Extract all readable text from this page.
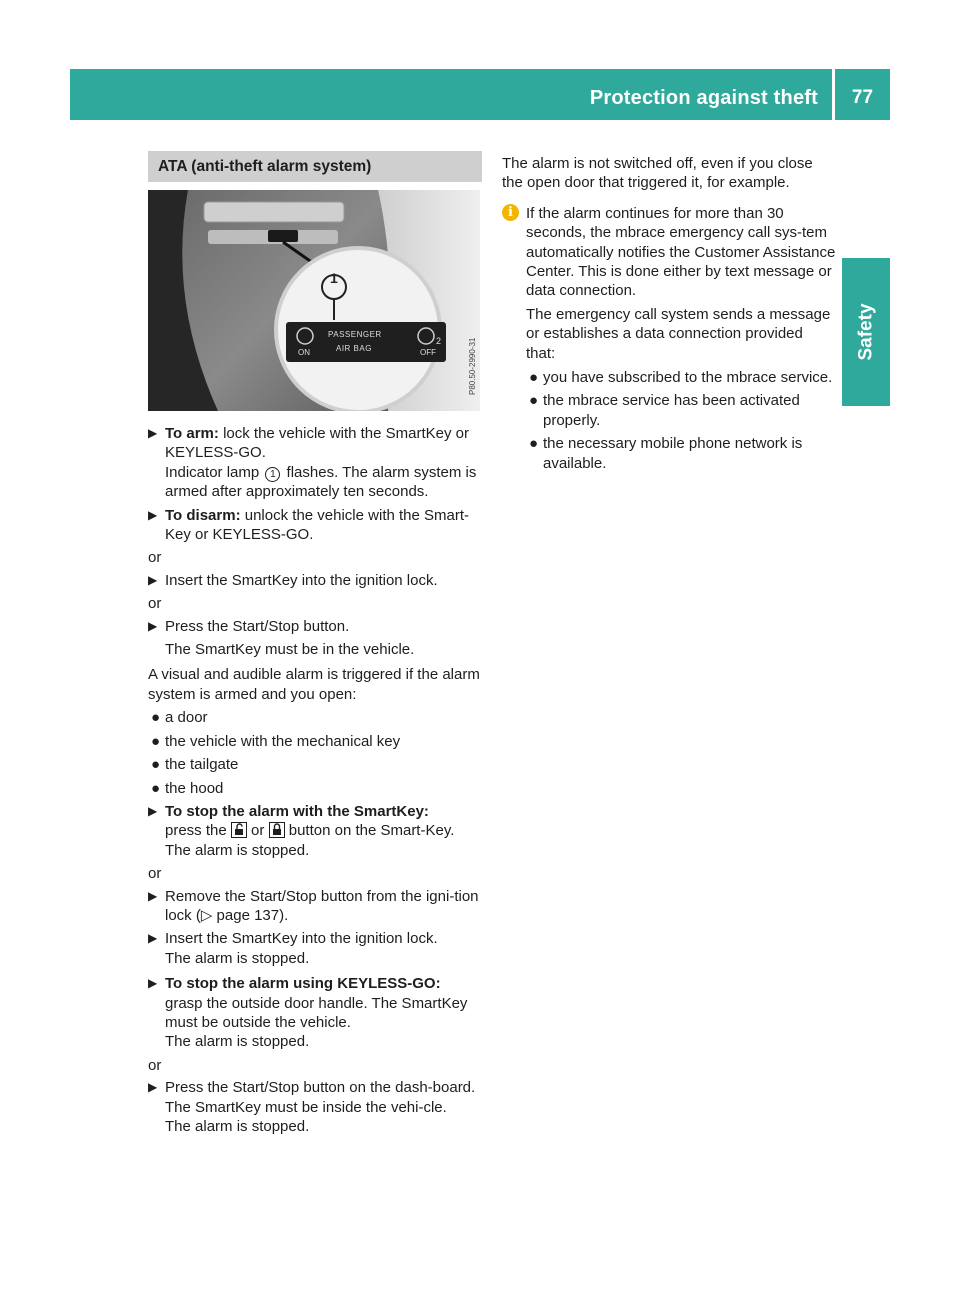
Protection against theft	77
Safety
ATA (anti-theft alarm system)
1
ON
PASSENGER
AIR BAG	OFF
2	P80.50-2990-31
▶ To arm: lock the vehicle with the SmartKey or KEYLESS-GO.
Indicator lamp 1 flashes. The alarm system is armed after approximately ten seconds.
▶ To disarm: unlock the vehicle with the Smart-Key or KEYLESS-GO.
or
▶ Insert the SmartKey into the ignition lock.
or
▶ Press the Start/Stop button.
The SmartKey must be in the vehicle.
A visual and audible alarm is triggered if the alarm system is armed and you open:
● a door
● the vehicle with the mechanical key
● the tailgate
● the hood
▶ To stop the alarm with the SmartKey:
press the  or  button on the Smart-Key.
The alarm is stopped.
or
▶ Remove the Start/Stop button from the igni-tion lock (▷ page 137).
▶ Insert the SmartKey into the ignition lock.
The alarm is stopped.
▶ To stop the alarm using KEYLESS-GO:
grasp the outside door handle. The SmartKey must be outside the vehicle.
The alarm is stopped.
or
▶ Press the Start/Stop button on the dash-board. The SmartKey must be inside the vehi-cle.
The alarm is stopped.
The alarm is not switched off, even if you close the open door that triggered it, for example.
i If the alarm continues for more than 30 seconds, the mbrace emergency call sys-tem automatically notifies the Customer Assistance Center. This is done either by text message or data connection.
The emergency call system sends a message or establishes a data connection provided that:
● you have subscribed to the mbrace service.
● the mbrace service has been activated properly.
● the necessary mobile phone network is available.
